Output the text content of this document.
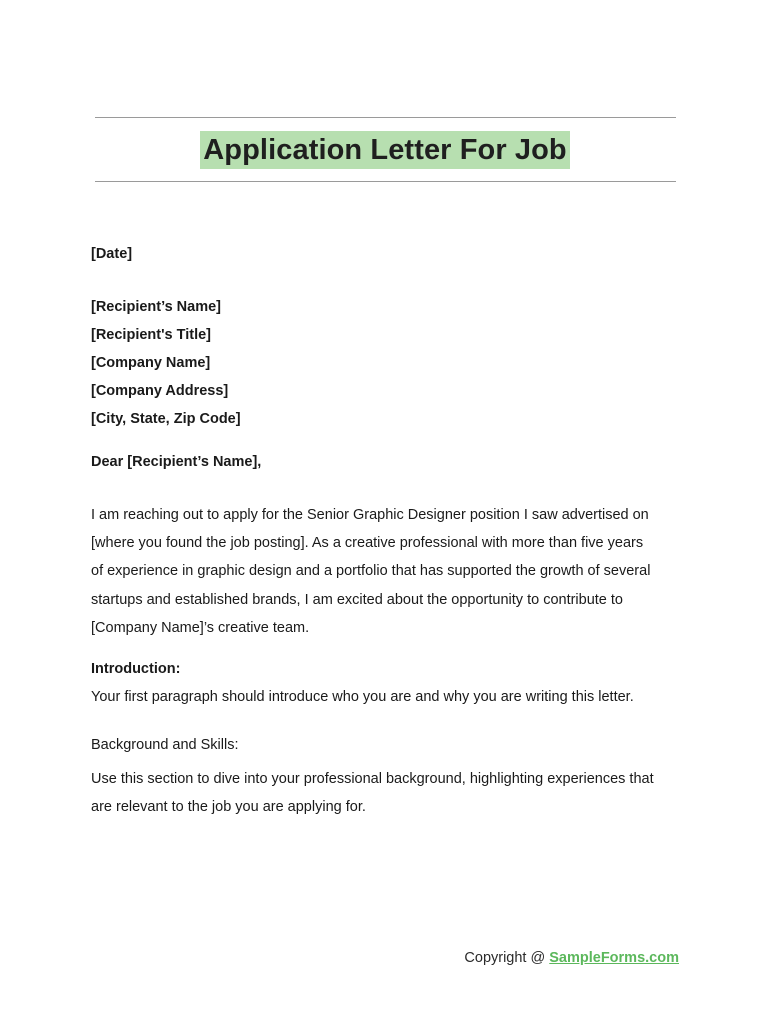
Application Letter For Job
[Date]
[Recipient’s Name]
[Recipient's Title]
[Company Name]
[Company Address]
[City, State, Zip Code]
Dear [Recipient’s Name],
I am reaching out to apply for the Senior Graphic Designer position I saw advertised on
[where you found the job posting]. As a creative professional with more than five years
of experience in graphic design and a portfolio that has supported the growth of several
startups and established brands, I am excited about the opportunity to contribute to
[Company Name]’s creative team.
Introduction:
Your first paragraph should introduce who you are and why you are writing this letter.
Background and Skills:
Use this section to dive into your professional background, highlighting experiences that
are relevant to the job you are applying for.
Copyright @ SampleForms.com
